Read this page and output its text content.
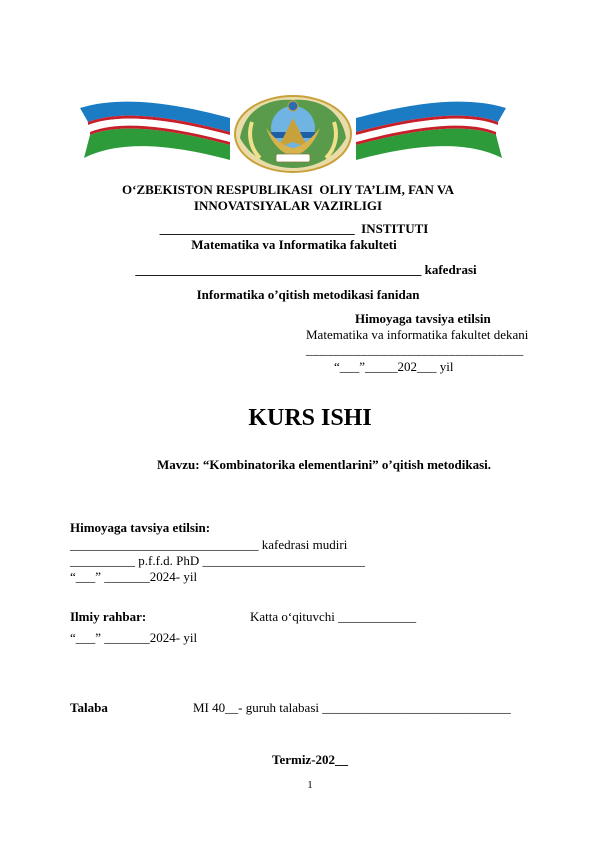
O‘ZBEKISTON RESPUBLIKASI  OLIY TA’LIM, FAN VA
INNOVATSIYALAR VAZIRLIGI
______________________________  INSTITUTI
Matematika va Informatika fakulteti
____________________________________________ kafedrasi
Informatika o’qitish metodikasi fanidan
Himoyaga tavsiya etilsin
Matematika va informatika fakultet dekani
________________________________
“___”_____202___ yil
KURS ISHI
Mavzu: “Kombinatorika elementlarini” o’qitish metodikasi.
Himoyaga tavsiya etilsin:
_____________________________ kafedrasi mudiri
__________ p.f.f.d. PhD _________________________
“___” _______2024- yil
Ilmiy rahbar:	Katta o‘qituvchi ____________
“___” _______2024- yil
Talaba	MI 40__- guruh talabasi _____________________________
Termiz-202__
1
